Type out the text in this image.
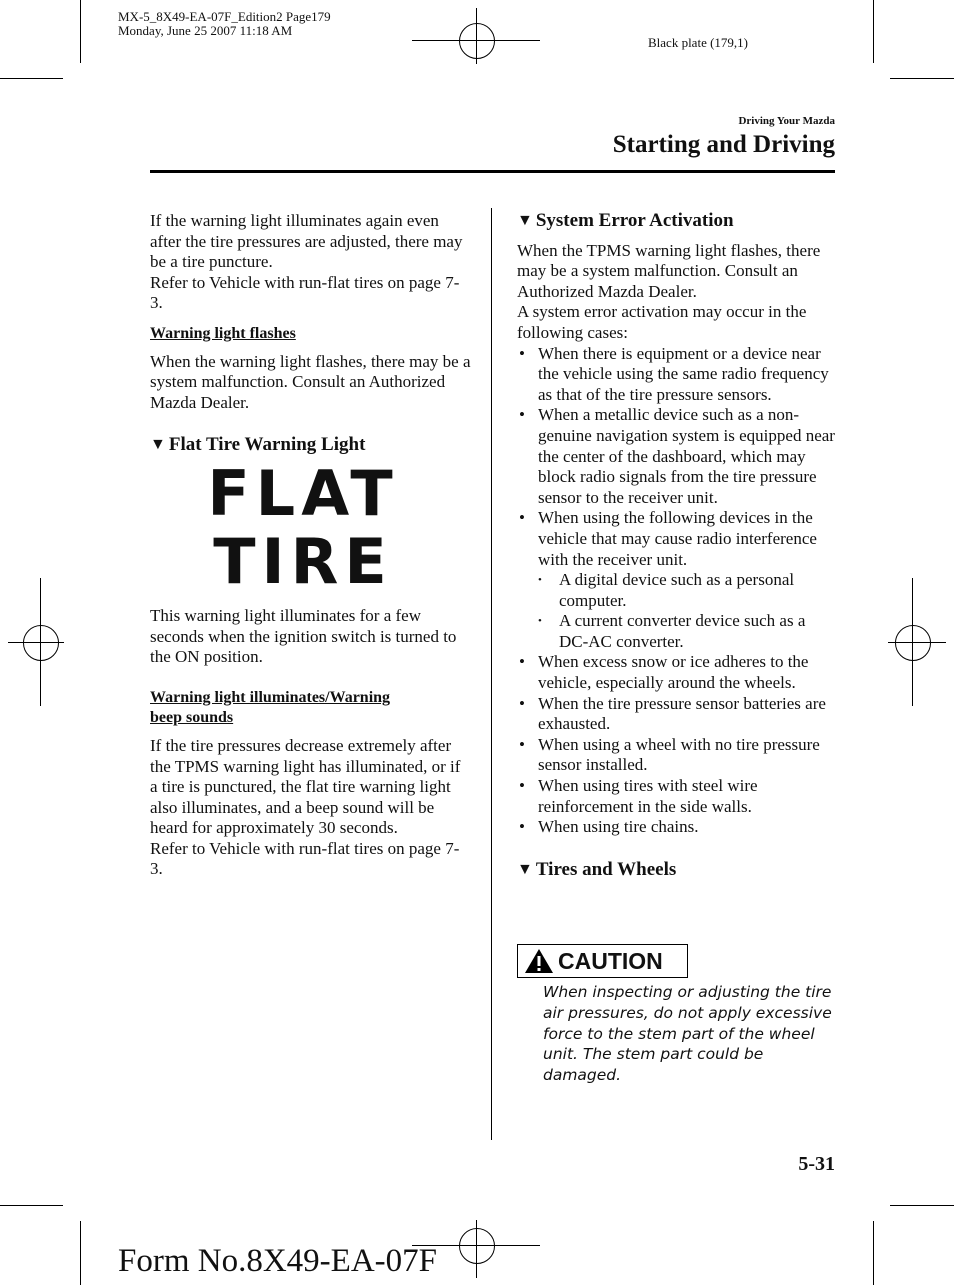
MX-5_8X49-EA-07F_Edition2 Page179
Monday, June 25 2007 11:18 AM
Black plate (179,1)
Driving Your Mazda
Starting and Driving

If the warning light illuminates again even after the tire pressures are adjusted, there may be a tire puncture.

Refer to Vehicle with run-flat tires on page 7-3.

Warning light flashes

When the warning light flashes, there may be a system malfunction. Consult an Authorized Mazda Dealer.

▼ Flat Tire Warning Light
FLAT
TIRE

This warning light illuminates for a few seconds when the ignition switch is turned to the ON position.

Warning light illuminates/Warning

beep sounds

If the tire pressures decrease extremely after the TPMS warning light has illuminated, or if a tire is punctured, the flat tire warning light also illuminates, and a beep sound will be heard for approximately 30 seconds.

Refer to Vehicle with run-flat tires on page 7-3.

▼ System Error Activation

When the TPMS warning light flashes, there may be a system malfunction. Consult an Authorized Mazda Dealer.

A system error activation may occur in the following cases:

• When there is equipment or a device near the vehicle using the same radio frequency as that of the tire pressure sensors.
• When a metallic device such as a non-genuine navigation system is equipped near the center of the dashboard, which may block radio signals from the tire pressure sensor to the receiver unit.
• When using the following devices in the vehicle that may cause radio interference with the receiver unit.
• A digital device such as a personal computer.
• A current converter device such as a DC-AC converter.
• When excess snow or ice adheres to the vehicle, especially around the wheels.
• When the tire pressure sensor batteries are exhausted.
• When using a wheel with no tire pressure sensor installed.
• When using tires with steel wire reinforcement in the side walls.
• When using tire chains.
▼ Tires and Wheels
CAUTION
When inspecting or adjusting the tire air pressures, do not apply excessive force to the stem part of the wheel unit. The stem part could be damaged.
5-31
Form No.8X49-EA-07F
